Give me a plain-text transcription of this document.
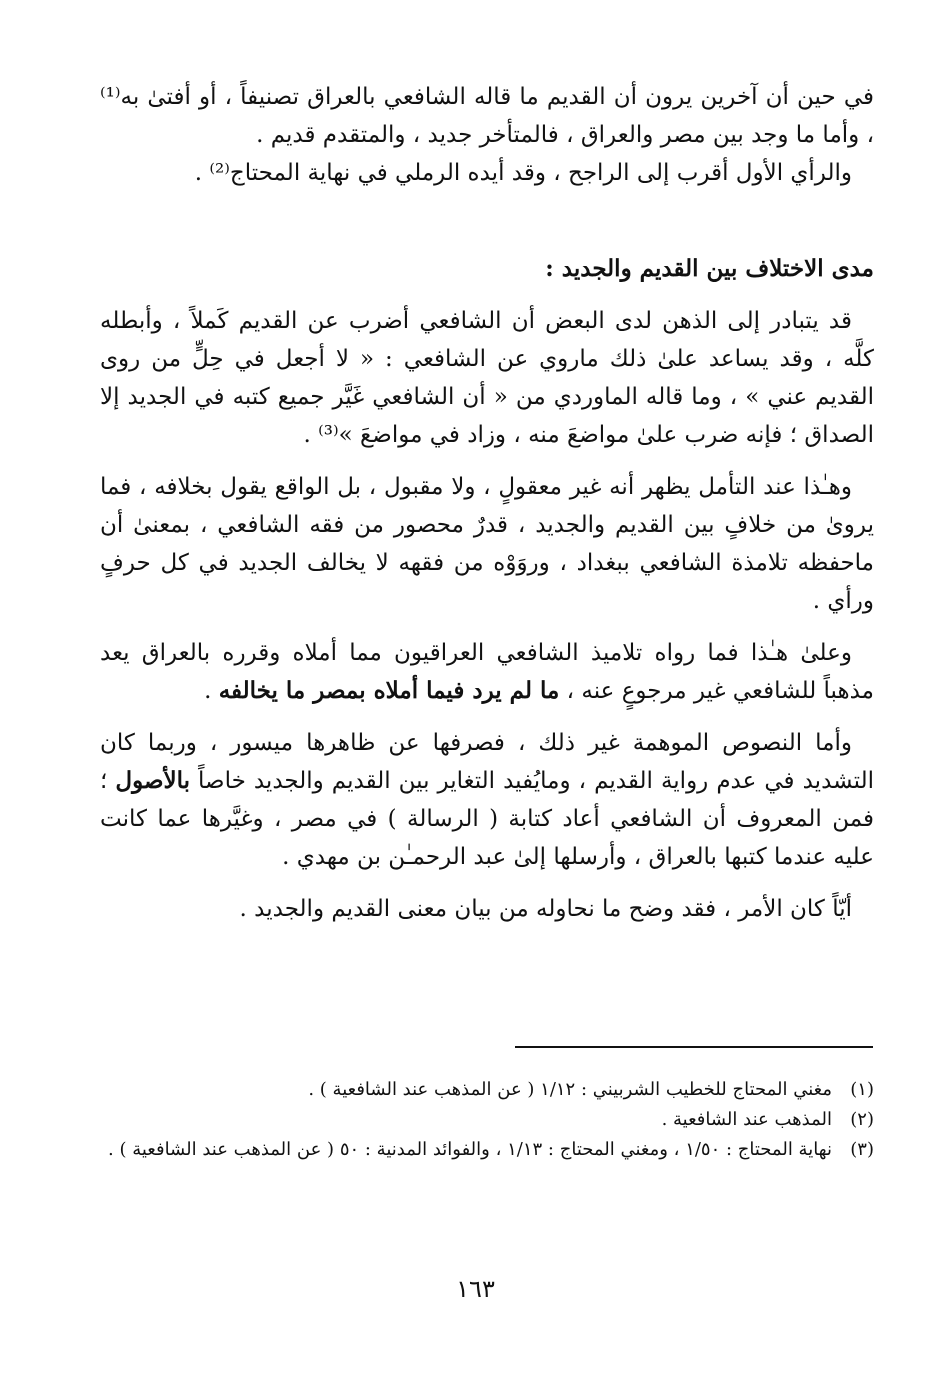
في حين أن آخرين يرون أن القديم ما قاله الشافعي بالعراق تصنيفاً ، أو أفتىٰ به⁽¹⁾ ، وأما ما وجد بين مصر والعراق ، فالمتأخر جديد ، والمتقدم قديم .

والرأي الأول أقرب إلى الراجح ، وقد أيده الرملي في نهاية المحتاج⁽²⁾ .

مدى الاختلاف بين القديم والجديد :

قد يتبادر إلى الذهن لدى البعض أن الشافعي أضرب عن القديم كَملاً ، وأبطله كلَّه ، وقد يساعد علىٰ ذلك ماروي عن الشافعي : « لا أجعل في حِلٍّ من روى القديم عني » ، وما قاله الماوردي من « أن الشافعي غَيَّر جميع كتبه في الجديد إلا الصداق ؛ فإنه ضرب علىٰ مواضعَ منه ، وزاد في مواضعَ »⁽³⁾ .

وهـٰذا عند التأمل يظهر أنه غير معقولٍ ، ولا مقبول ، بل الواقع يقول بخلافه ، فما يروىٰ من خلافٍ بين القديم والجديد ، قدرٌ محصور من فقه الشافعي ، بمعنىٰ أن ماحفظه تلامذة الشافعي ببغداد ، وروَوْه من فقهه لا يخالف الجديد في كل حرفٍ ورأي .

وعلىٰ هـٰذا فما رواه تلاميذ الشافعي العراقيون مما أملاه وقرره بالعراق يعد مذهباً للشافعي غير مرجوعٍ عنه ، ما لم يرد فيما أملاه بمصر ما يخالفه .

وأما النصوص الموهمة غير ذلك ، فصرفها عن ظاهرها ميسور ، وربما كان التشديد في عدم رواية القديم ، ومايُفيد التغاير بين القديم والجديد خاصاً بالأصول ؛ فمن المعروف أن الشافعي أعاد كتابة ( الرسالة ) في مصر ، وغيَّرها عما كانت عليه عندما كتبها بالعراق ، وأرسلها إلىٰ عبد الرحمـٰن بن مهدي .

أيّاً كان الأمر ، فقد وضح ما نحاوله من بيان معنى القديم والجديد .

(١)
مغني المحتاج للخطيب الشربيني : ١/١٢ ( عن المذهب عند الشافعية ) .
(٢)
المذهب عند الشافعية .
(٣)
نهاية المحتاج : ١/٥٠ ، ومغني المحتاج : ١/١٣ ، والفوائد المدنية : ٥٠ ( عن المذهب عند الشافعية ) .
١٦٣
